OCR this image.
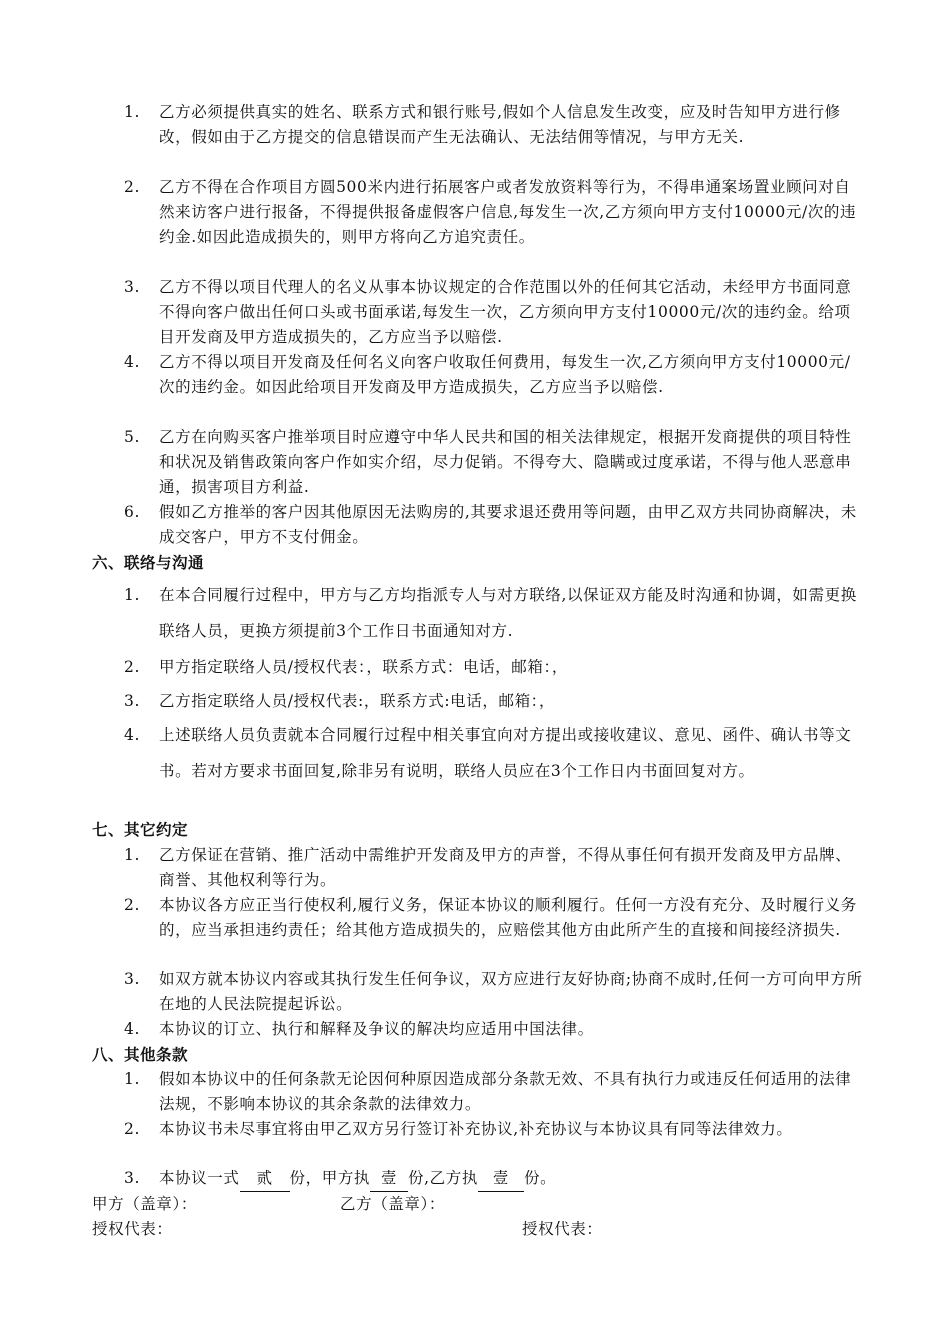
1.	乙方必须提供真实的姓名、联系方式和银行账号,假如个人信息发生改变，应及时告知甲方进行修改，假如由于乙方提交的信息错误而产生无法确认、无法结佣等情况，与甲方无关.
2.	乙方不得在合作项目方圆500米内进行拓展客户或者发放资料等行为，不得串通案场置业顾问对自然来访客户进行报备，不得提供报备虚假客户信息,每发生一次,乙方须向甲方支付10000元/次的违约金.如因此造成损失的，则甲方将向乙方追究责任。
3.	乙方不得以项目代理人的名义从事本协议规定的合作范围以外的任何其它活动，未经甲方书面同意不得向客户做出任何口头或书面承诺,每发生一次，乙方须向甲方支付10000元/次的违约金。给项目开发商及甲方造成损失的，乙方应当予以赔偿.
4.	乙方不得以项目开发商及任何名义向客户收取任何费用，每发生一次,乙方须向甲方支付10000元/次的违约金。如因此给项目开发商及甲方造成损失，乙方应当予以赔偿.
5.	乙方在向购买客户推举项目时应遵守中华人民共和国的相关法律规定，根据开发商提供的项目特性和状况及销售政策向客户作如实介绍，尽力促销。不得夸大、隐瞒或过度承诺，不得与他人恶意串通，损害项目方利益.
6.	假如乙方推举的客户因其他原因无法购房的,其要求退还费用等问题，由甲乙双方共同协商解决，未成交客户，甲方不支付佣金。
六、联络与沟通
1.	在本合同履行过程中，甲方与乙方均指派专人与对方联络,以保证双方能及时沟通和协调，如需更换联络人员，更换方须提前3个工作日书面通知对方.
2.	甲方指定联络人员/授权代表：，联系方式：电话，邮箱：，
3.	乙方指定联络人员/授权代表:，联系方式:电话，邮箱：，
4.	上述联络人员负责就本合同履行过程中相关事宜向对方提出或接收建议、意见、函件、确认书等文书。若对方要求书面回复,除非另有说明，联络人员应在3个工作日内书面回复对方。
七、其它约定
1.	乙方保证在营销、推广活动中需维护开发商及甲方的声誉，不得从事任何有损开发商及甲方品牌、商誉、其他权利等行为。
2.	本协议各方应正当行使权利,履行义务，保证本协议的顺利履行。任何一方没有充分、及时履行义务的，应当承担违约责任；给其他方造成损失的，应赔偿其他方由此所产生的直接和间接经济损失.
3.	如双方就本协议内容或其执行发生任何争议，双方应进行友好协商;协商不成时,任何一方可向甲方所在地的人民法院提起诉讼。
4.	本协议的订立、执行和解释及争议的解决均应适用中国法律。
八、其他条款
1.	假如本协议中的任何条款无论因何种原因造成部分条款无效、不具有执行力或违反任何适用的法律法规，不影响本协议的其余条款的法律效力。
2.	本协议书未尽事宜将由甲乙双方另行签订补充协议,补充协议与本协议具有同等法律效力。
3.	本协议一式 贰 份，甲方执 壹 份,乙方执 壹 份。
甲方（盖章）：	乙方（盖章）：
授权代表：	授权代表：
